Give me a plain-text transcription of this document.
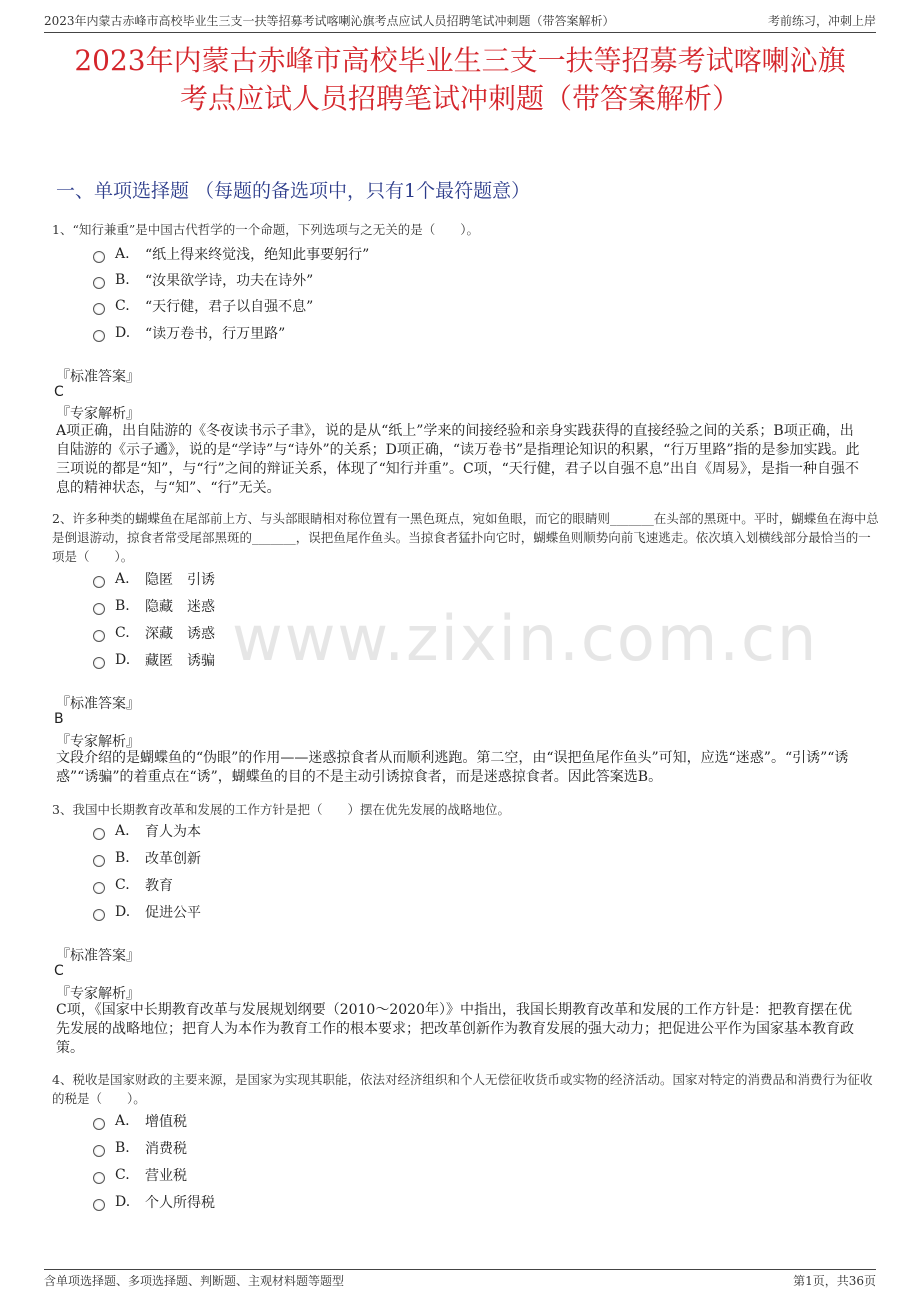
2023年内蒙古赤峰市高校毕业生三支一扶等招募考试喀喇沁旗考点应试人员招聘笔试冲刺题（带答案解析）	考前练习，冲刺上岸
2023年内蒙古赤峰市高校毕业生三支一扶等招募考试喀喇沁旗
考点应试人员招聘笔试冲刺题（带答案解析）
www.zixin.com.cn
一、单项选择题 （每题的备选项中，只有1个最符题意）
1、“知行兼重”是中国古代哲学的一个命题，下列选项与之无关的是（　　）。
A.	“纸上得来终觉浅，绝知此事要躬行”
B.	“汝果欲学诗，功夫在诗外”
C.	“天行健，君子以自强不息”
D.	“读万卷书，行万里路”
『标准答案』
C
『专家解析』
A项正确，出自陆游的《冬夜读书示子聿》，说的是从“纸上”学来的间接经验和亲身实践获得的直接经验之间的关系；B项正确，出自陆游的《示子遹》，说的是“学诗”与“诗外”的关系；D项正确，“读万卷书”是指理论知识的积累，“行万里路”指的是参加实践。此三项说的都是“知”，与“行”之间的辩证关系，体现了“知行并重”。C项，“天行健，君子以自强不息”出自《周易》，是指一种自强不息的精神状态，与“知”、“行”无关。
2、许多种类的蝴蝶鱼在尾部前上方、与头部眼睛相对称位置有一黑色斑点，宛如鱼眼，而它的眼睛则_______在头部的黑斑中。平时，蝴蝶鱼在海中总是倒退游动，掠食者常受尾部黑斑的_______，误把鱼尾作鱼头。当掠食者猛扑向它时，蝴蝶鱼则顺势向前飞速逃走。依次填入划横线部分最恰当的一项是（　　）。
A.	隐匿　引诱
B.	隐藏　迷惑
C.	深藏　诱惑
D.	藏匿　诱骗
『标准答案』
B
『专家解析』
文段介绍的是蝴蝶鱼的“伪眼”的作用——迷惑掠食者从而顺利逃跑。第二空，由“误把鱼尾作鱼头”可知，应选“迷惑”。“引诱”“诱惑”“诱骗”的着重点在“诱”，蝴蝶鱼的目的不是主动引诱掠食者，而是迷惑掠食者。因此答案选B。
3、我国中长期教育改革和发展的工作方针是把（　　）摆在优先发展的战略地位。
A.	育人为本
B.	改革创新
C.	教育
D.	促进公平
『标准答案』
C
『专家解析』
C项，《国家中长期教育改革与发展规划纲要（2010～2020年）》中指出，我国长期教育改革和发展的工作方针是：把教育摆在优先发展的战略地位；把育人为本作为教育工作的根本要求；把改革创新作为教育发展的强大动力；把促进公平作为国家基本教育政策。
4、税收是国家财政的主要来源，是国家为实现其职能，依法对经济组织和个人无偿征收货币或实物的经济活动。国家对特定的消费品和消费行为征收的税是（　　）。
A.	增值税
B.	消费税
C.	营业税
D.	个人所得税
含单项选择题、多项选择题、判断题、主观材料题等题型	第1页，共36页
